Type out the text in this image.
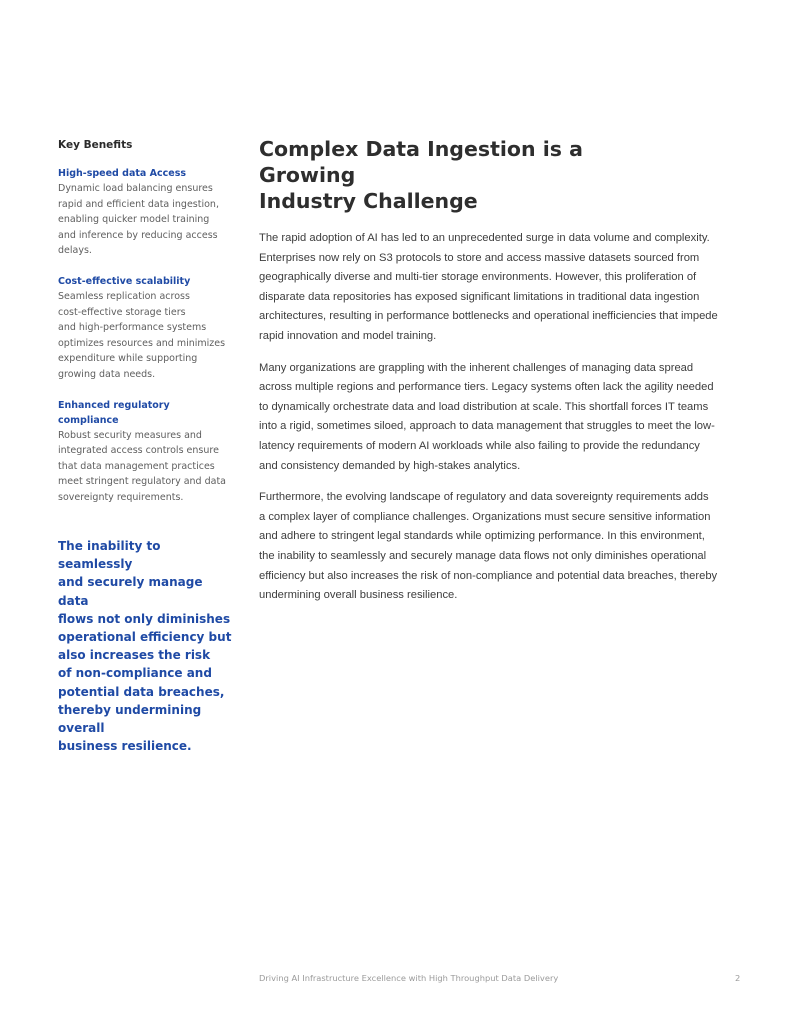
Key Benefits

High-speed data Access

Dynamic load balancing ensures
rapid and efficient data ingestion,
enabling quicker model training
and inference by reducing access
delays.

Cost-effective scalability

Seamless replication across
cost-effective storage tiers
and high-performance systems
optimizes resources and minimizes
expenditure while supporting
growing data needs.

Enhanced regulatory compliance

Robust security measures and
integrated access controls ensure
that data management practices
meet stringent regulatory and data
sovereignty requirements.

The inability to seamlessly
and securely manage data
flows not only diminishes
operational efficiency but
also increases the risk
of non-compliance and
potential data breaches,
thereby undermining overall
business resilience.

Complex Data Ingestion is a Growing
Industry Challenge

The rapid adoption of AI has led to an unprecedented surge in data volume and complexity.
Enterprises now rely on S3 protocols to store and access massive datasets sourced from
geographically diverse and multi-tier storage environments. However, this proliferation of
disparate data repositories has exposed significant limitations in traditional data ingestion
architectures, resulting in performance bottlenecks and operational inefficiencies that impede
rapid innovation and model training.

Many organizations are grappling with the inherent challenges of managing data spread
across multiple regions and performance tiers. Legacy systems often lack the agility needed
to dynamically orchestrate data and load distribution at scale. This shortfall forces IT teams
into a rigid, sometimes siloed, approach to data management that struggles to meet the low-
latency requirements of modern AI workloads while also failing to provide the redundancy
and consistency demanded by high-stakes analytics.

Furthermore, the evolving landscape of regulatory and data sovereignty requirements adds
a complex layer of compliance challenges. Organizations must secure sensitive information
and adhere to stringent legal standards while optimizing performance. In this environment,
the inability to seamlessly and securely manage data flows not only diminishes operational
efficiency but also increases the risk of non-compliance and potential data breaches, thereby
undermining overall business resilience.

Driving AI Infrastructure Excellence with High Throughput Data Delivery	2
